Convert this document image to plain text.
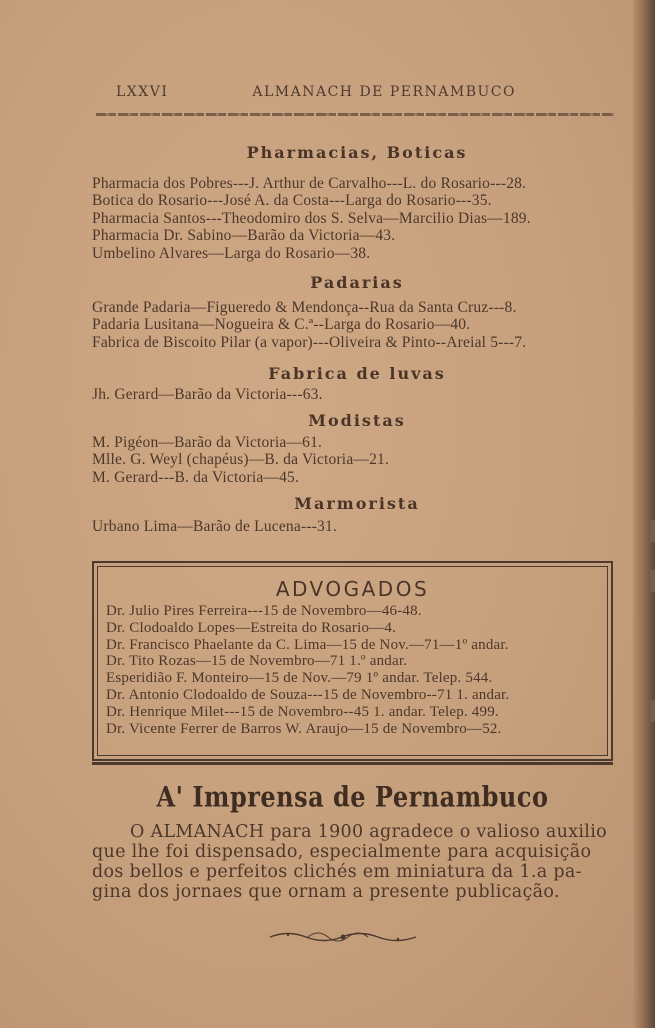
LXXVI	ALMANACH DE PERNAMBUCO

Pharmacias, Boticas

Pharmacia dos Pobres---J. Arthur de Carvalho---L. do Rosario---28.
Botica do Rosario---José A. da Costa---Larga do Rosario---35.
Pharmacia Santos---Theodomiro dos S. Selva—Marcilio Dias—189.
Pharmacia Dr. Sabino—Barão da Victoria—43.
Umbelino Alvares—Larga do Rosario—38.

Padarias

Grande Padaria—Figueredo & Mendonça--Rua da Santa Cruz---8.
Padaria Lusitana—Nogueira & C.ª--Larga do Rosario—40.
Fabrica de Biscoito Pilar (a vapor)---Oliveira & Pinto--Areial 5---7.

Fabrica de luvas

Jh. Gerard—Barão da Victoria---63.

Modistas

M. Pigéon—Barão da Victoria—61.
Mlle. G. Weyl (chapéus)—B. da Victoria—21.
M. Gerard---B. da Victoria—45.

Marmorista

Urbano Lima—Barão de Lucena---31.

ADVOGADOS

Dr. Julio Pires Ferreira---15 de Novembro—46-48.
Dr. Clodoaldo Lopes—Estreita do Rosario—4.
Dr. Francisco Phaelante da C. Lima—15 de Nov.—71—1º andar.
Dr. Tito Rozas—15 de Novembro—71 1.º andar.
Esperidião F. Monteiro—15 de Nov.—79 1º andar. Telep. 544.
Dr. Antonio Clodoaldo de Souza---15 de Novembro--71 1. andar.
Dr. Henrique Milet---15 de Novembro--45 1. andar. Telep. 499.
Dr. Vicente Ferrer de Barros W. Araujo—15 de Novembro—52.
A' Imprensa de Pernambuco
O ALMANACH para 1900 agradece o valioso auxilio
que lhe foi dispensado, especialmente para acquisição
dos bellos e perfeitos clichés em miniatura da 1.a pa-
gina dos jornaes que ornam a presente publicação.
